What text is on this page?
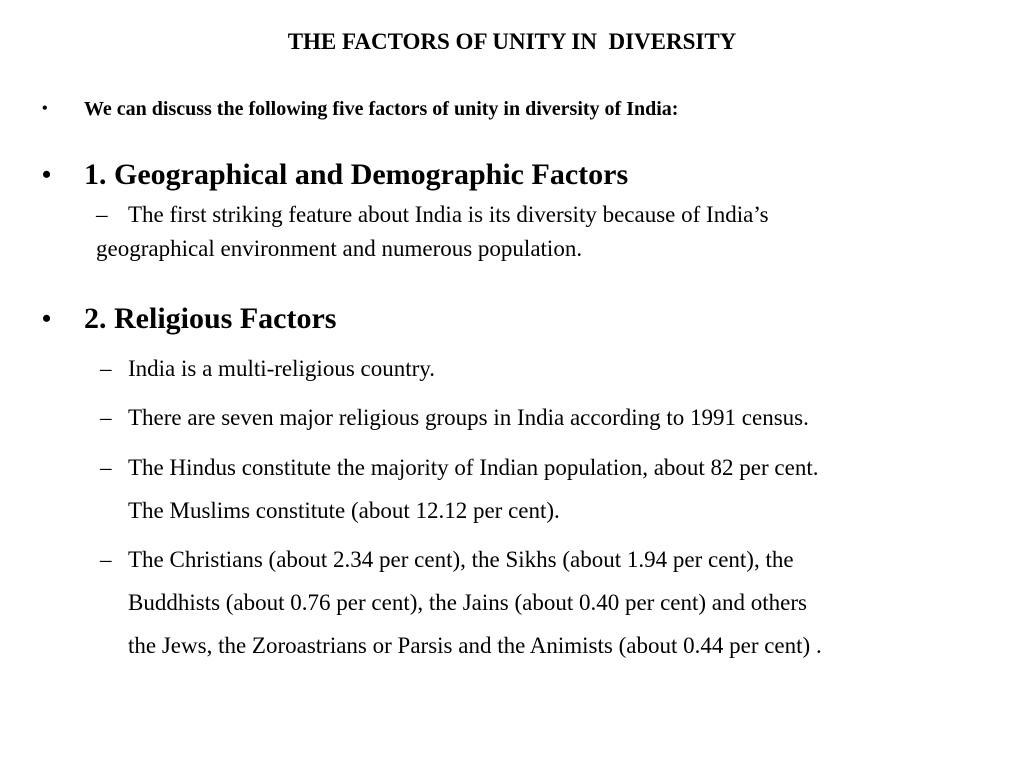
THE FACTORS OF UNITY IN  DIVERSITY
• We can discuss the following five factors of unity in diversity of India:
• 1. Geographical and Demographic Factors
– The first striking feature about India is its diversity because of India’s
geographical environment and numerous population.
• 2. Religious Factors
– India is a multi-religious country.
– There are seven major religious groups in India according to 1991 census.
– The Hindus constitute the majority of Indian population, about 82 per cent.
The Muslims constitute (about 12.12 per cent).
– The Christians (about 2.34 per cent), the Sikhs (about 1.94 per cent), the
Buddhists (about 0.76 per cent), the Jains (about 0.40 per cent) and others
the Jews, the Zoroastrians or Parsis and the Animists (about 0.44 per cent) .
